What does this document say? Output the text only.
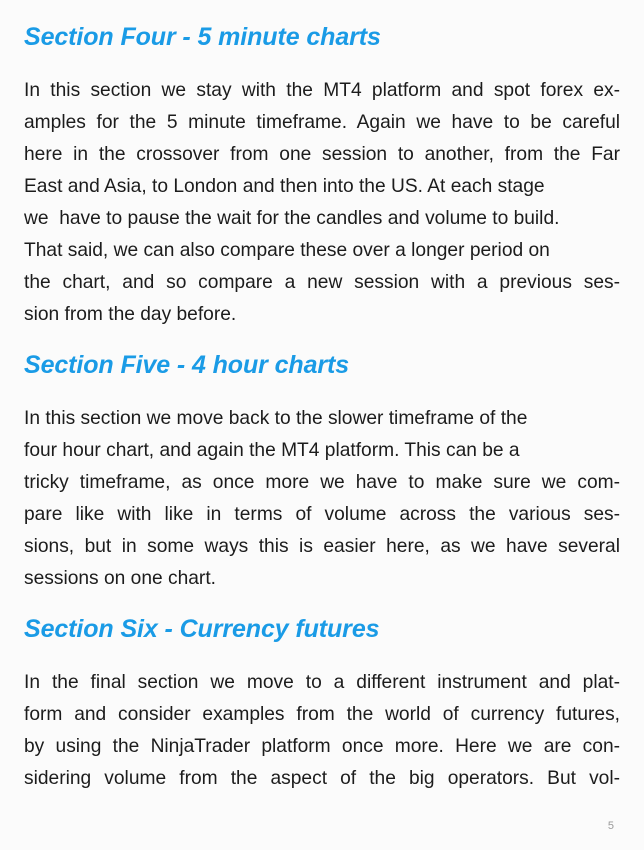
Section Four - 5 minute charts
In this section we stay with the MT4 platform and spot forex ex-
amples for the 5 minute timeframe. Again we have to be careful
here in the crossover from one session to another, from the Far
East and Asia, to London and then into the US. At each stage
we  have to pause the wait for the candles and volume to build.
That said, we can also compare these over a longer period on
the chart, and so compare a new session with a previous ses-
sion from the day before.
Section Five - 4 hour charts
In this section we move back to the slower timeframe of the
four hour chart, and again the MT4 platform. This can be a
tricky timeframe, as once more we have to make sure we com-
pare like with like in terms of volume across the various ses-
sions, but in some ways this is easier here, as we have several
sessions on one chart.
Section Six - Currency futures
In the final section we move to a different instrument and plat-
form and consider examples from the world of currency futures,
by using the NinjaTrader platform once more. Here we are con-
sidering volume from the aspect of the big operators. But vol-
5
